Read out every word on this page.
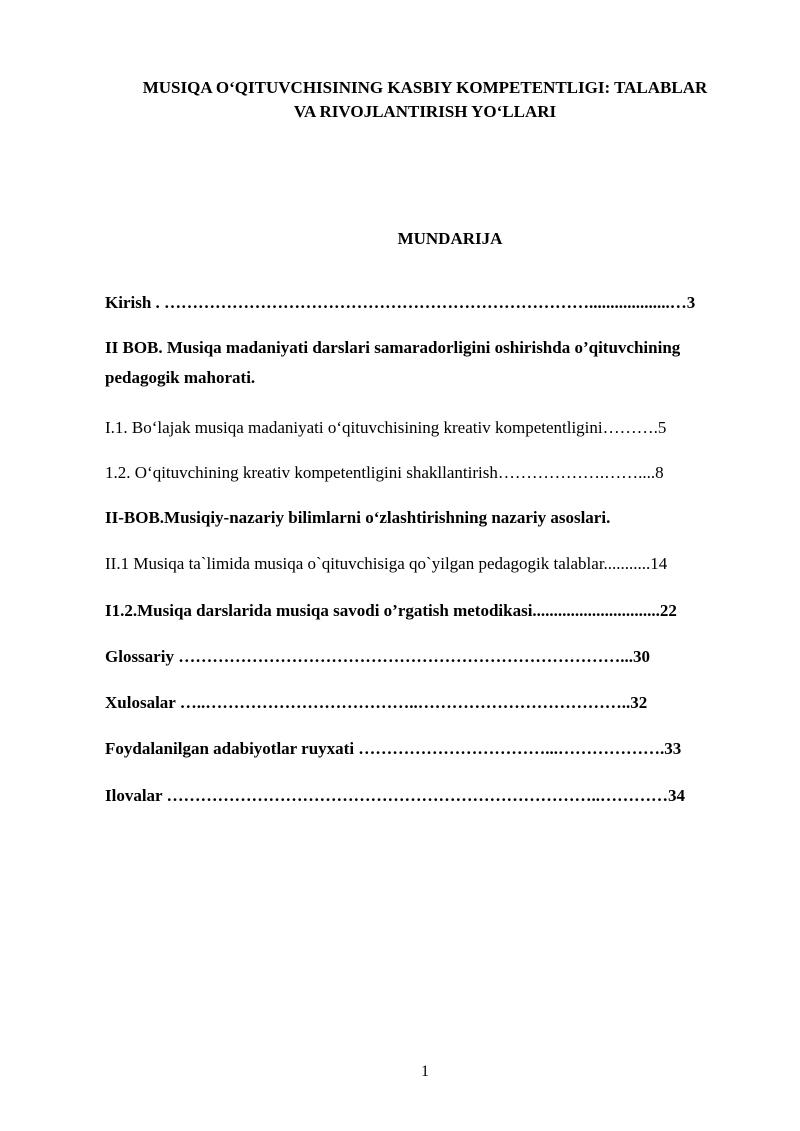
MUSIQA O‘QITUVCHISINING KASBIY KOMPETENTLIGI: TALABLAR
VA RIVOJLANTIRISH YO‘LLARI
MUNDARIJA
Kirish . …………………………………………………………………...................…3
II BOB. Musiqa madaniyati darslari samaradorligini oshirishda o’qituvchining pedagogik mahorati.
I.1. Bo‘lajak musiqa madaniyati o‘qituvchisining kreativ kompetentligini……….5
1.2. O‘qituvchining kreativ kompetentligini shakllantirish……………….……....8
II-BOB.Musiqiy-nazariy bilimlarni o‘zlashtirishning nazariy asoslari.
II.1 Musiqa ta`limida musiqa o`qituvchisiga qo`yilgan pedagogik talablar...........14
I1.2.Musiqa darslarida musiqa savodi o’rgatish metodikasi..............................22
Glossariy ……………………………………………………………………...30
Xulosalar …..………………………………..………………………………..32
Foydalanilgan adabiyotlar ruyxati ……………………………...……………….33
Ilovalar …………………………………………………………………..…………34
1
